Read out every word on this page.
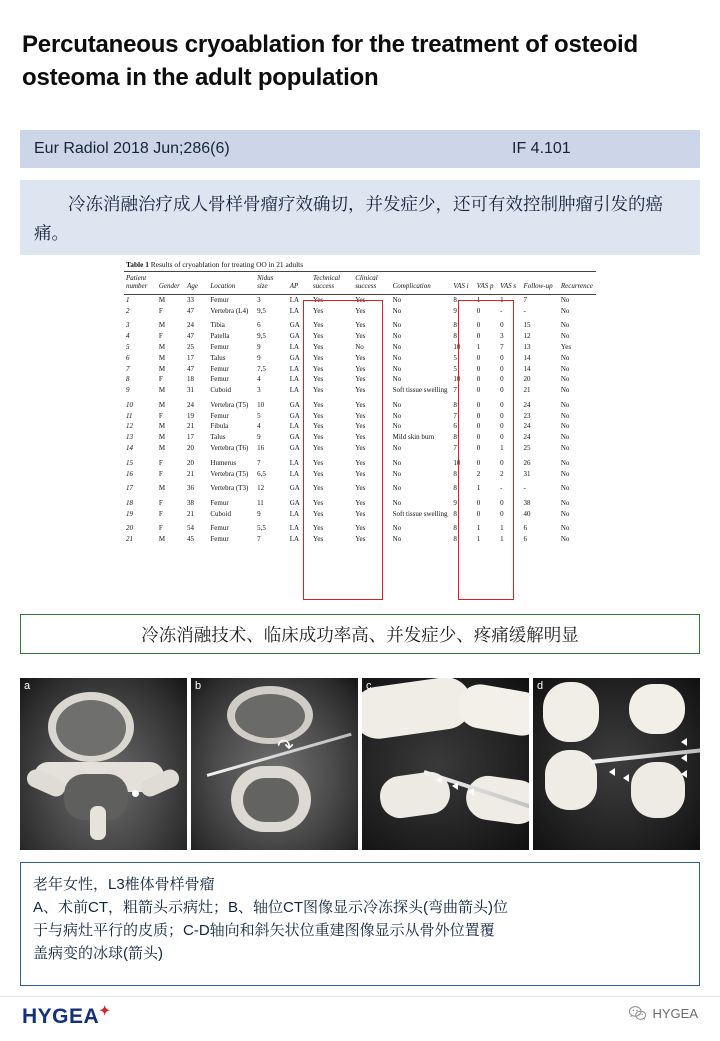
Percutaneous cryoablation for the treatment of osteoid osteoma in the adult population
Eur Radiol 2018 Jun;286(6)	IF 4.101
冷冻消融治疗成人骨样骨瘤疗效确切，并发症少，还可有效控制肿瘤引发的癌痛。
Table 1 Results of cryoablation for treating OO in 21 adults
Patient number	Gender	Age	Location	Nidus size	AP	Technical success	Clinical success	Complication	VAS i	VAS p	VAS s	Follow-up	Recurrence
1	M	33	Femur	3	LA	Yes	Yes	No	8	1	1	7	No
2	F	47	Vertebra (L4)	9,5	LA	Yes	Yes	No	9	0	-	-	No
3	M	24	Tibia	6	GA	Yes	Yes	No	8	0	0	15	No
4	F	47	Patella	9,5	GA	Yes	Yes	No	8	0	3	12	No
5	M	25	Femur	9	LA	Yes	No	No	10	1	7	13	Yes
6	M	17	Talus	9	GA	Yes	Yes	No	5	0	0	14	No
7	M	47	Femur	7,5	LA	Yes	Yes	No	5	0	0	14	No
8	F	18	Femur	4	LA	Yes	Yes	No	10	0	0	20	No
9	M	31	Cuboid	3	LA	Yes	Yes	Soft tissue swelling	7	0	0	21	No
10	M	24	Vertebra (T5)	10	GA	Yes	Yes	No	8	0	0	24	No
11	F	19	Femur	5	GA	Yes	Yes	No	7	0	0	23	No
12	M	21	Fibula	4	LA	Yes	Yes	No	6	0	0	24	No
13	M	17	Talus	9	GA	Yes	Yes	Mild skin burn	8	0	0	24	No
14	M	20	Vertebra (T6)	16	GA	Yes	Yes	No	7	0	1	25	No
15	F	20	Humerus	7	LA	Yes	Yes	No	10	0	0	26	No
16	F	21	Vertebra (T5)	6,5	LA	Yes	Yes	No	8	2	2	31	No
17	M	36	Vertebra (T3)	12	GA	Yes	Yes	No	8	1	-	-	No
18	F	38	Femur	11	GA	Yes	Yes	No	9	0	0	38	No
19	F	21	Cuboid	9	LA	Yes	Yes	Soft tissue swelling	8	0	0	40	No
20	F	54	Femur	5,5	LA	Yes	Yes	No	8	1	1	6	No
21	M	45	Femur	7	LA	Yes	Yes	No	8	1	1	6	No
冷冻消融技术、临床成功率高、并发症少、疼痛缓解明显
a	b
↷
c	d
老年女性，L3椎体骨样骨瘤
A、术前CT，粗箭头示病灶；B、轴位CT图像显示冷冻探头(弯曲箭头)位
于与病灶平行的皮质；C-D轴向和斜矢状位重建图像显示从骨外位置覆
盖病变的冰球(箭头)
HYGEA✦	HYGEA
